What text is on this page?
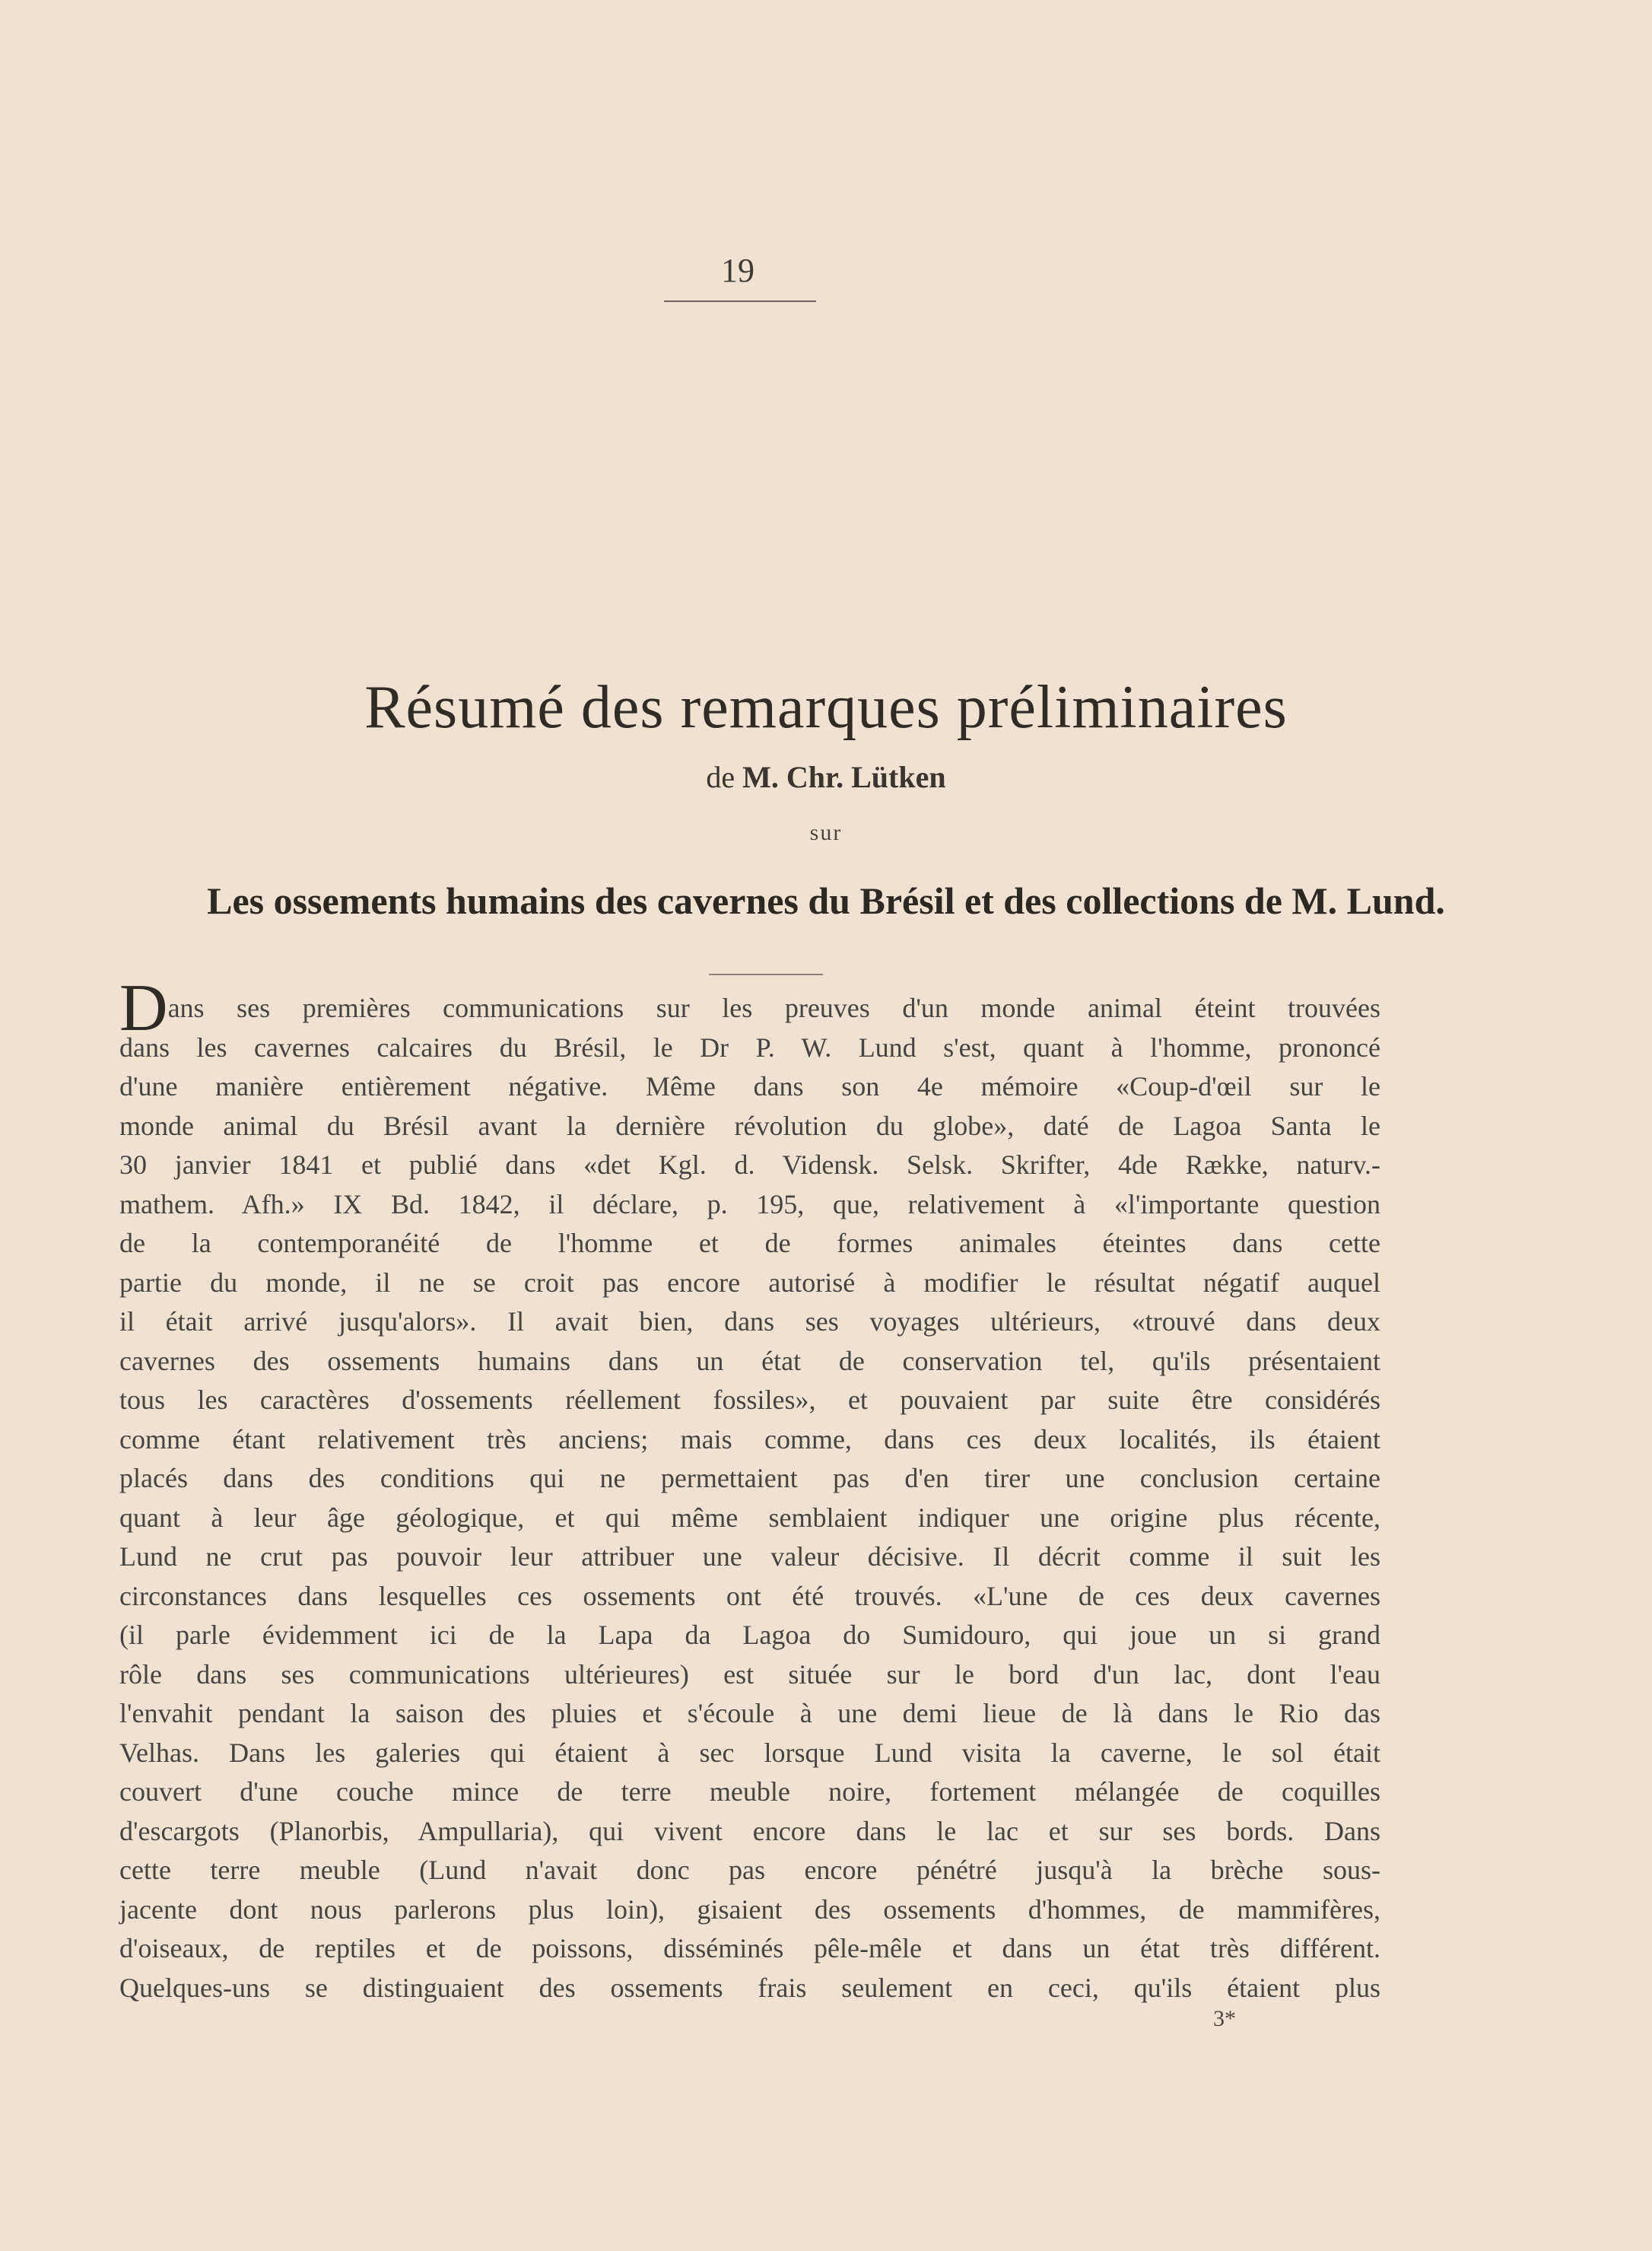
19
Résumé des remarques préliminaires
de M. Chr. Lütken
sur
Les ossements humains des cavernes du Brésil et des collections de M. Lund.
Dans ses premières communications sur les preuves d'un monde animal éteint trouvées
dans les cavernes calcaires du Brésil, le Dr P. W. Lund s'est, quant à l'homme, prononcé
d'une manière entièrement négative. Même dans son 4e mémoire «Coup-d'œil sur le
monde animal du Brésil avant la dernière révolution du globe», daté de Lagoa Santa le
30 janvier 1841 et publié dans «det Kgl. d. Vidensk. Selsk. Skrifter, 4de Række, naturv.-
mathem. Afh.» IX Bd. 1842, il déclare, p. 195, que, relativement à «l'importante question
de la contemporanéité de l'homme et de formes animales éteintes dans cette
partie du monde, il ne se croit pas encore autorisé à modifier le résultat négatif auquel
il était arrivé jusqu'alors». Il avait bien, dans ses voyages ultérieurs, «trouvé dans deux
cavernes des ossements humains dans un état de conservation tel, qu'ils présentaient
tous les caractères d'ossements réellement fossiles», et pouvaient par suite être considérés
comme étant relativement très anciens; mais comme, dans ces deux localités, ils étaient
placés dans des conditions qui ne permettaient pas d'en tirer une conclusion certaine
quant à leur âge géologique, et qui même semblaient indiquer une origine plus récente,
Lund ne crut pas pouvoir leur attribuer une valeur décisive. Il décrit comme il suit les
circonstances dans lesquelles ces ossements ont été trouvés. «L'une de ces deux cavernes
(il parle évidemment ici de la Lapa da Lagoa do Sumidouro, qui joue un si grand
rôle dans ses communications ultérieures) est située sur le bord d'un lac, dont l'eau
l'envahit pendant la saison des pluies et s'écoule à une demi lieue de là dans le Rio das
Velhas. Dans les galeries qui étaient à sec lorsque Lund visita la caverne, le sol était
couvert d'une couche mince de terre meuble noire, fortement mélangée de coquilles
d'escargots (Planorbis, Ampullaria), qui vivent encore dans le lac et sur ses bords. Dans
cette terre meuble (Lund n'avait donc pas encore pénétré jusqu'à la brèche sous-
jacente dont nous parlerons plus loin), gisaient des ossements d'hommes, de mammifères,
d'oiseaux, de reptiles et de poissons, disséminés pêle-mêle et dans un état très différent.
Quelques-uns se distinguaient des ossements frais seulement en ceci, qu'ils étaient plus
3*
